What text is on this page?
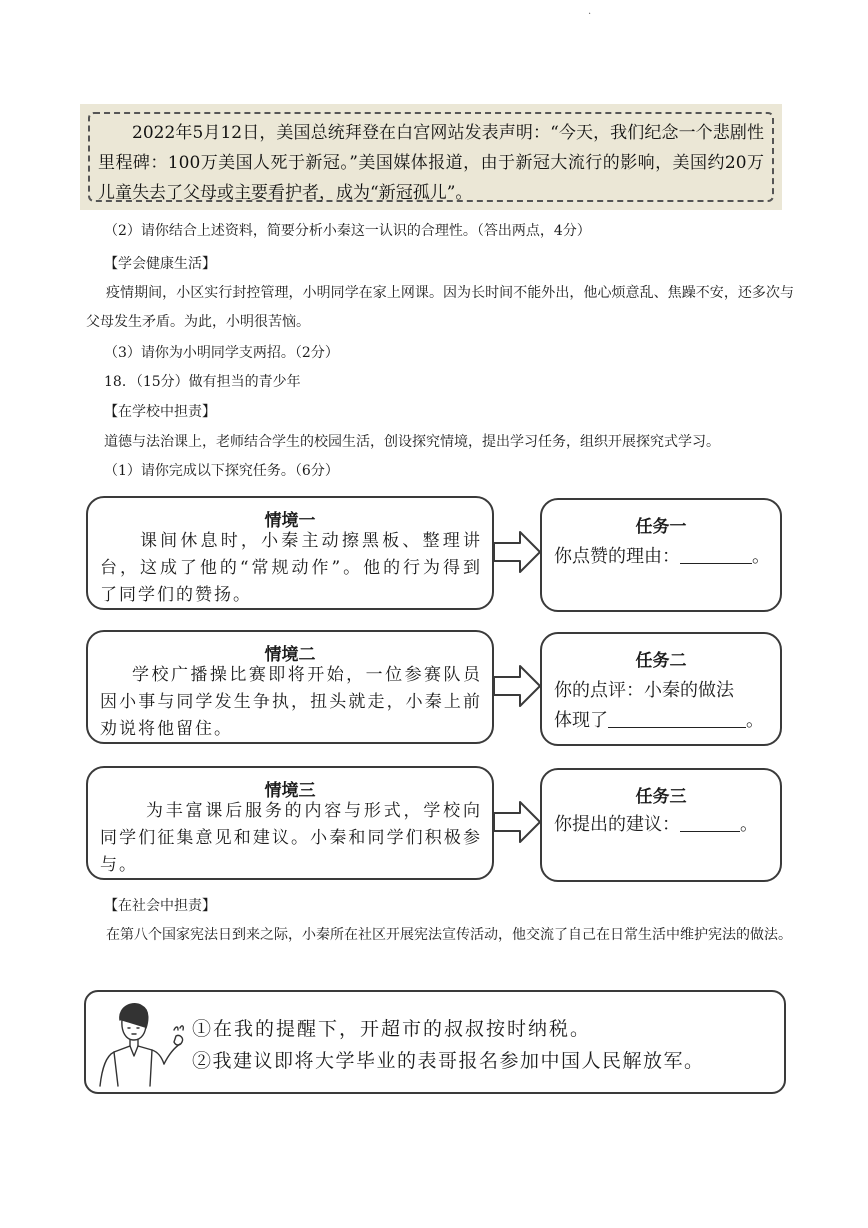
.
2022年5月12日，美国总统拜登在白宫网站发表声明：“今天，我们纪念一个悲剧性里程碑：100万美国人死于新冠。”美国媒体报道，由于新冠大流行的影响，美国约20万儿童失去了父母或主要看护者，成为“新冠孤儿”。
（2）请你结合上述资料，简要分析小秦这一认识的合理性。（答出两点，4分）
【学会健康生活】
疫情期间，小区实行封控管理，小明同学在家上网课。因为长时间不能外出，他心烦意乱、焦躁不安，还多次与父母发生矛盾。为此，小明很苦恼。
（3）请你为小明同学支两招。（2分）
18．（15分）做有担当的青少年
【在学校中担责】
道德与法治课上，老师结合学生的校园生活，创设探究情境，提出学习任务，组织开展探究式学习。
（1）请你完成以下探究任务。（6分）
情境一
课间休息时，小秦主动擦黑板、整理讲台，这成了他的“常规动作”。他的行为得到了同学们的赞扬。
任务一
你点赞的理由：	。
情境二
学校广播操比赛即将开始，一位参赛队员因小事与同学发生争执，扭头就走，小秦上前劝说将他留住。
任务二
你的点评：小秦的做法
体现了	。
情境三
为丰富课后服务的内容与形式，学校向同学们征集意见和建议。小秦和同学们积极参与。
任务三
你提出的建议：	。
【在社会中担责】
在第八个国家宪法日到来之际，小秦所在社区开展宪法宣传活动，他交流了自己在日常生活中维护宪法的做法。
①在我的提醒下，开超市的叔叔按时纳税。
②我建议即将大学毕业的表哥报名参加中国人民解放军。
